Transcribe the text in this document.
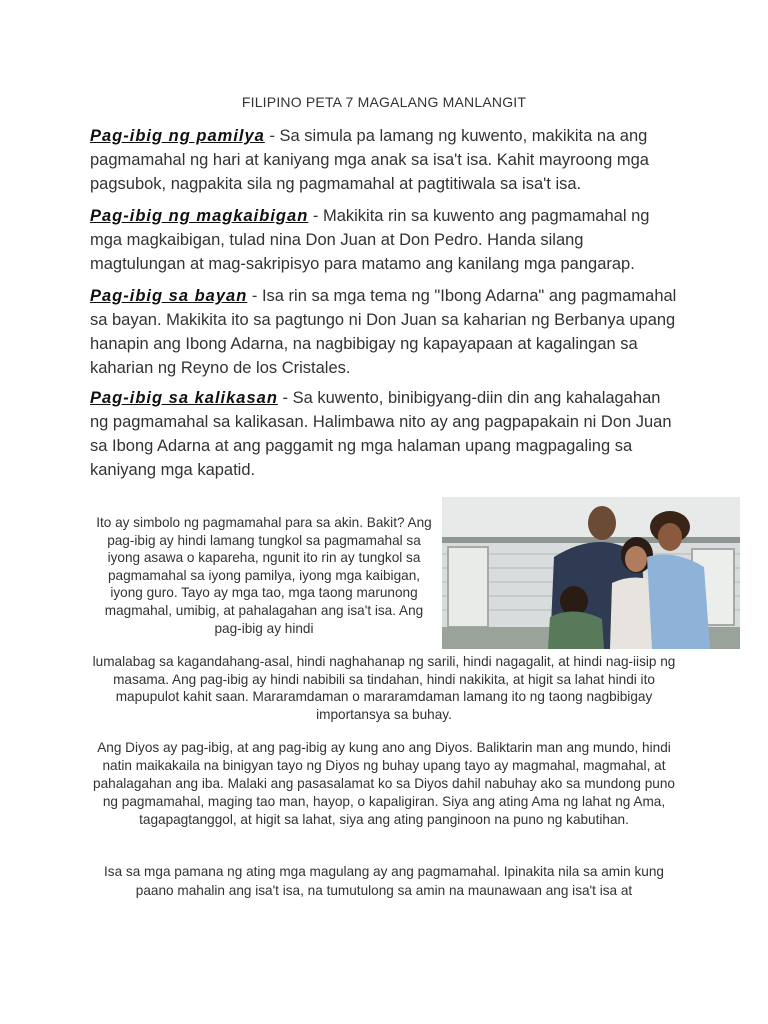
FILIPINO PETA 7 MAGALANG MANLANGIT
Pag-ibig ng pamilya - Sa simula pa lamang ng kuwento, makikita na ang pagmamahal ng hari at kaniyang mga anak sa isa't isa. Kahit mayroong mga pagsubok, nagpakita sila ng pagmamahal at pagtitiwala sa isa't isa.
Pag-ibig ng magkaibigan - Makikita rin sa kuwento ang pagmamahal ng mga magkaibigan, tulad nina Don Juan at Don Pedro. Handa silang magtulungan at mag-sakripisyo para matamo ang kanilang mga pangarap.
Pag-ibig sa bayan - Isa rin sa mga tema ng "Ibong Adarna" ang pagmamahal sa bayan. Makikita ito sa pagtungo ni Don Juan sa kaharian ng Berbanya upang hanapin ang Ibong Adarna, na nagbibigay ng kapayapaan at kagalingan sa kaharian ng Reyno de los Cristales.
Pag-ibig sa kalikasan - Sa kuwento, binibigyang-diin din ang kahalagahan ng pagmamahal sa kalikasan. Halimbawa nito ay ang pagpapakain ni Don Juan sa Ibong Adarna at ang paggamit ng mga halaman upang magpagaling sa kaniyang mga kapatid.
Ito ay simbolo ng pagmamahal para sa akin. Bakit? Ang pag-ibig ay hindi lamang tungkol sa pagmamahal sa iyong asawa o kapareha, ngunit ito rin ay tungkol sa pagmamahal sa iyong pamilya, iyong mga kaibigan, iyong guro. Tayo ay mga tao, mga taong marunong magmahal, umibig, at pahalagahan ang isa't isa. Ang pag-ibig ay hindi
lumalabag sa kagandahang-asal, hindi naghahanap ng sarili, hindi nagagalit, at hindi nag-iisip ng masama. Ang pag-ibig ay hindi nabibili sa tindahan, hindi nakikita, at higit sa lahat hindi ito mapupulot kahit saan. Mararamdaman o mararamdaman lamang ito ng taong nagbibigay importansya sa buhay.
Ang Diyos ay pag-ibig, at ang pag-ibig ay kung ano ang Diyos. Baliktarin man ang mundo, hindi natin maikakaila na binigyan tayo ng Diyos ng buhay upang tayo ay magmahal, magmahal, at pahalagahan ang iba. Malaki ang pasasalamat ko sa Diyos dahil nabuhay ako sa mundong puno ng pagmamahal, maging tao man, hayop, o kapaligiran. Siya ang ating Ama ng lahat ng Ama, tagapagtanggol, at higit sa lahat, siya ang ating panginoon na puno ng kabutihan.
Isa sa mga pamana ng ating mga magulang ay ang pagmamahal. Ipinakita nila sa amin kung paano mahalin ang isa't isa, na tumutulong sa amin na maunawaan ang isa't isa at
